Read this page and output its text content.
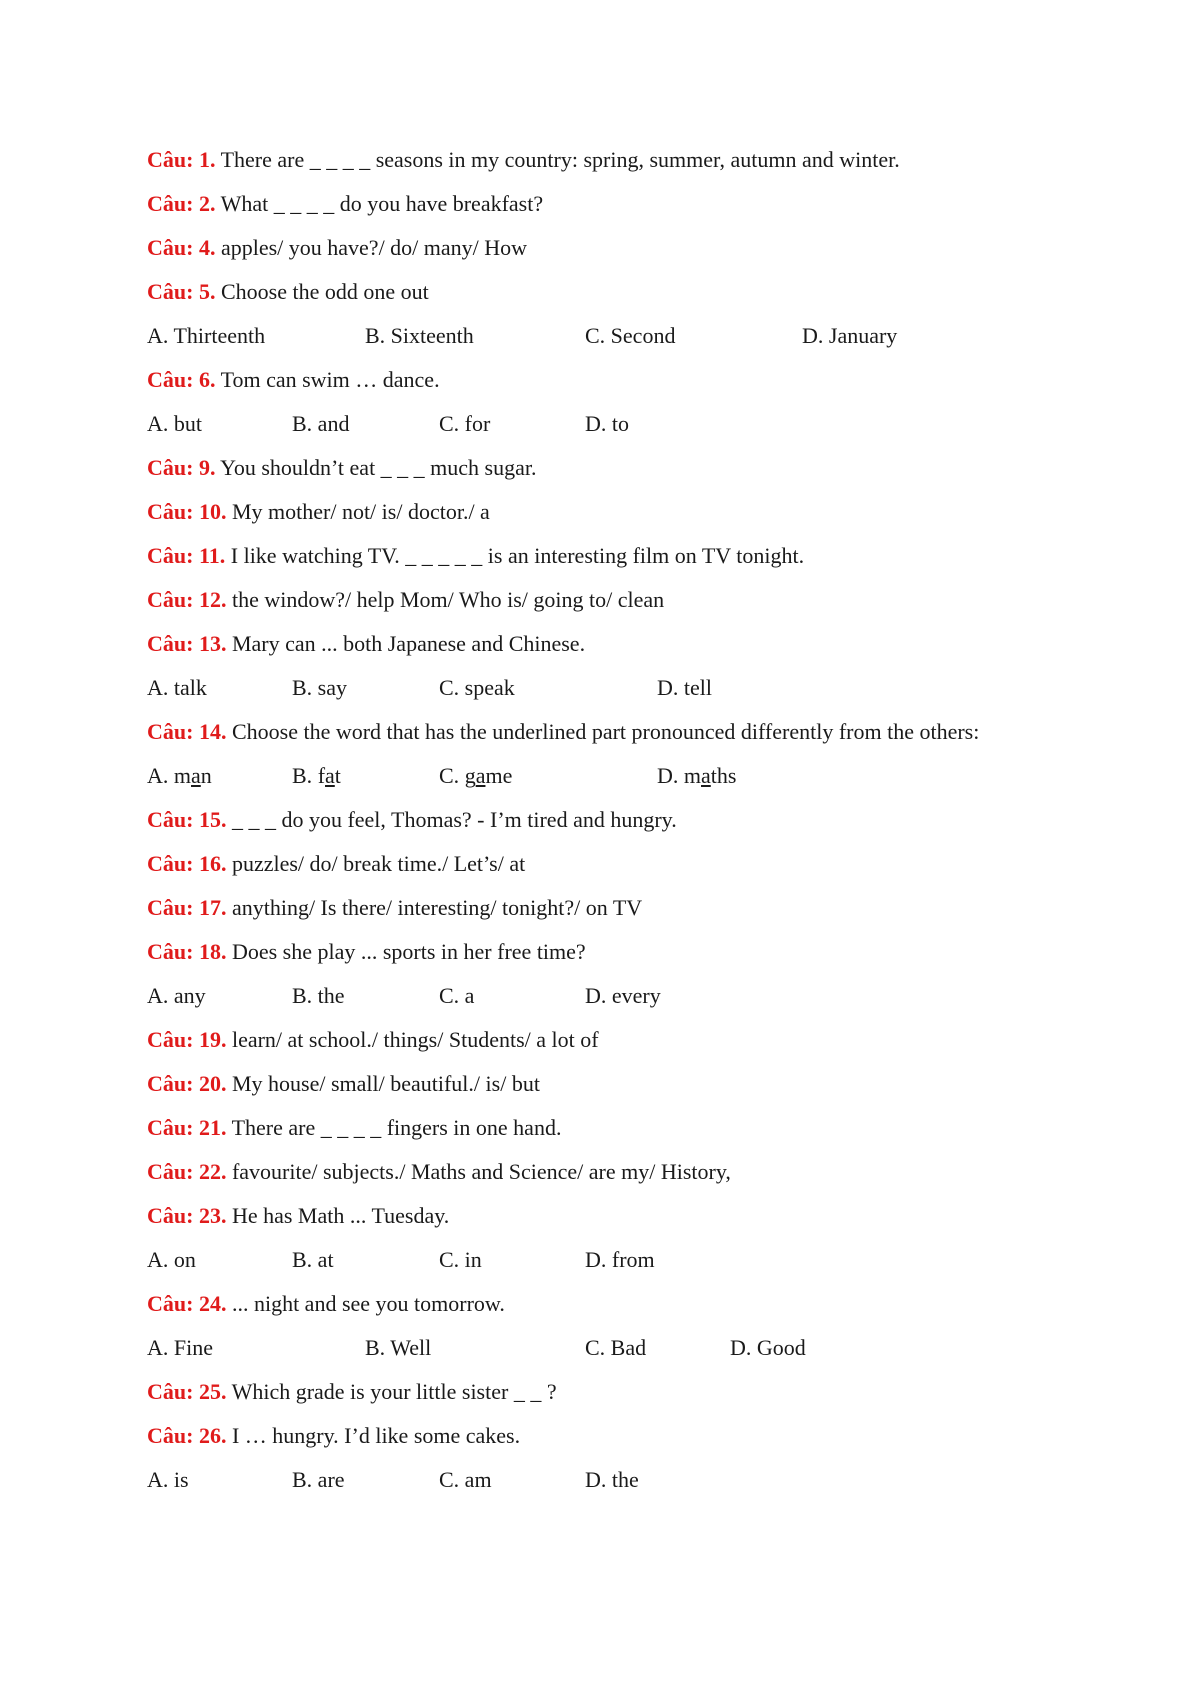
Câu: 1. There are _ _ _ _ seasons in my country: spring, summer, autumn and winter.

Câu: 2. What _ _ _ _ do you have breakfast?

Câu: 4. apples/ you have?/ do/ many/ How

Câu: 5. Choose the odd one out

A. Thirteenth	B. Sixteenth	C. Second	D. January

Câu: 6. Tom can swim … dance.

A. but	B. and	C. for	D. to

Câu: 9. You shouldn’t eat _ _ _ much sugar.

Câu: 10. My mother/ not/ is/ doctor./ a

Câu: 11. I like watching TV. _ _ _ _ _ is an interesting film on TV tonight.

Câu: 12. the window?/ help Mom/ Who is/ going to/ clean

Câu: 13. Mary can ... both Japanese and Chinese.

A. talk	B. say	C. speak	D. tell

Câu: 14. Choose the word that has the underlined part pronounced differently from the others:

A. man	B. fat	C. game	D. maths

Câu: 15. _ _ _ do you feel, Thomas? - I’m tired and hungry.

Câu: 16. puzzles/ do/ break time./ Let’s/ at

Câu: 17. anything/ Is there/ interesting/ tonight?/ on TV

Câu: 18. Does she play ... sports in her free time?

A. any	B. the	C. a	D. every

Câu: 19. learn/ at school./ things/ Students/ a lot of

Câu: 20. My house/ small/ beautiful./ is/ but

Câu: 21. There are _ _ _ _ fingers in one hand.

Câu: 22. favourite/ subjects./ Maths and Science/ are my/ History,

Câu: 23. He has Math ... Tuesday.

A. on	B. at	C. in	D. from

Câu: 24. ... night and see you tomorrow.

A. Fine	B. Well	C. Bad	D. Good

Câu: 25. Which grade is your little sister _ _ ?

Câu: 26. I … hungry. I’d like some cakes.

A. is	B. are	C. am	D. the
